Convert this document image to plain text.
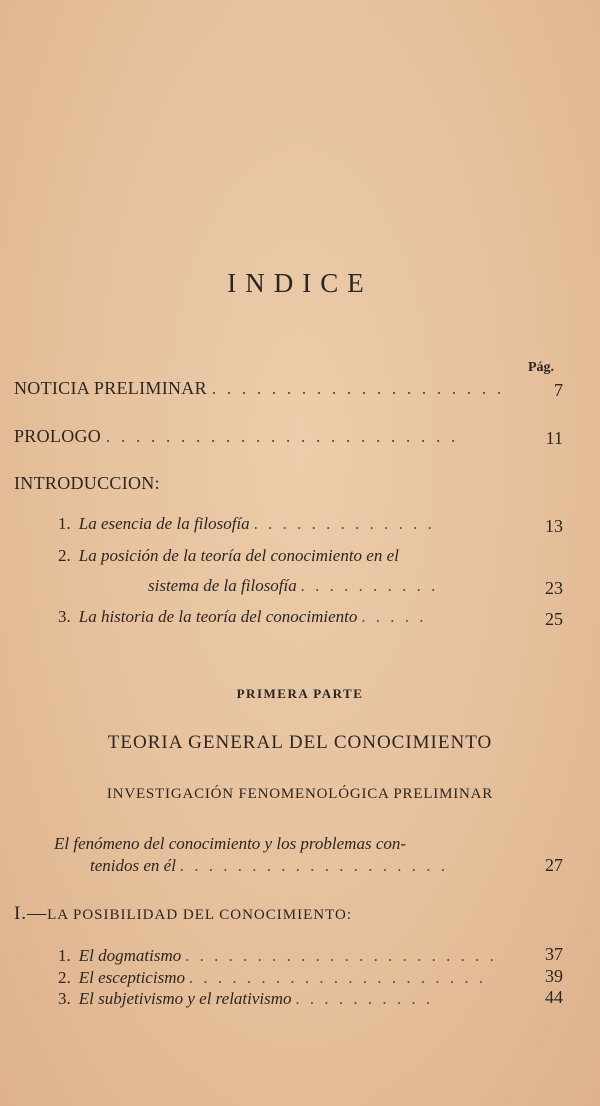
INDICE
Pág.
NOTICIA PRELIMINAR . . . . . . . . . . . . . . . . . . . .	7
PROLOGO . . . . . . . . . . . . . . . . . . . . . . . .	11
INTRODUCCION:
1. La esencia de la filosofía . . . . . . . . . . . . .	13
2. La posición de la teoría del conocimiento en el
sistema de la filosofía . . . . . . . . . .	23
3. La historia de la teoría del conocimiento . . . . .	25
PRIMERA PARTE
TEORIA GENERAL DEL CONOCIMIENTO
INVESTIGACIÓN FENOMENOLÓGICA PRELIMINAR
El fenómeno del conocimiento y los problemas con-
tenidos en él . . . . . . . . . . . . . . . . . . .	27
I.—LA POSIBILIDAD DEL CONOCIMIENTO:
1. El dogmatismo . . . . . . . . . . . . . . . . . . . . . .	37
2. El escepticismo . . . . . . . . . . . . . . . . . . . . .	39
3. El subjetivismo y el relativismo . . . . . . . . . .	44
